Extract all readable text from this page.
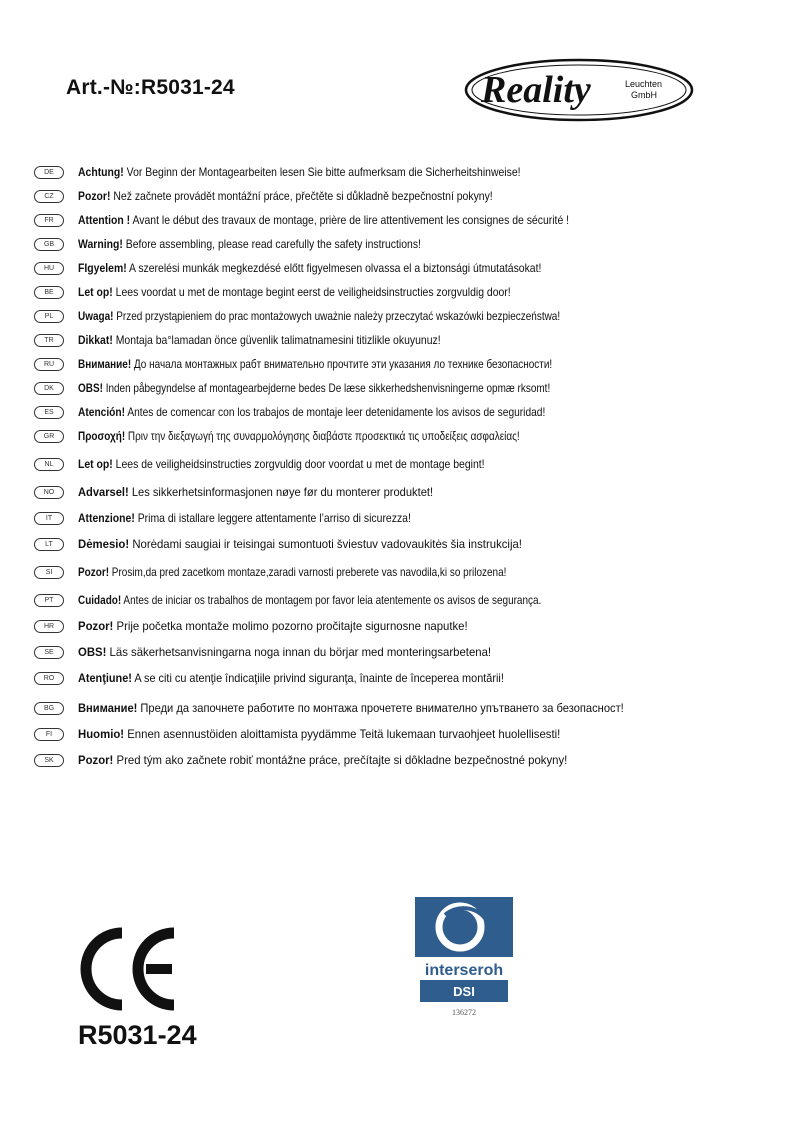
Art.-№:R5031-24	Reality	Leuchten
GmbH
DE	Achtung! Vor Beginn der Montagearbeiten lesen Sie bitte aufmerksam die Sicherheitshinweise!
CZ	Pozor! Než začnete provádět montážní práce, přečtěte si důkladně bezpečnostní pokyny!
FR	Attention ! Avant le début des travaux de montage, prière de lire attentivement les consignes de sécurité !
GB	Warning! Before assembling, please read carefully the safety instructions!
HU	FIgyelem! A szerelési munkák megkezdésé előtt figyelmesen olvassa el a biztonsági útmutatásokat!
BE	Let op! Lees voordat u met de montage begint eerst de veiligheidsinstructies zorgvuldig door!
PL	Uwaga! Przed przystąpieniem do prac montażowych uważnie należy przeczytać wskazówki bezpieczeństwa!
TR	Dikkat! Montaja ba°lamadan önce güvenlik talimatnamesini titizlikle okuyunuz!
RU	Внимание! До начала монтажных рабт внимательно прочтите эти указания ло технике безопасности!
DK	OBS! Inden påbegyndelse af montagearbejderne bedes De læse sikkerhedshenvisningerne opmæ rksomt!
ES	Atención! Antes de comencar con los trabajos de montaje leer detenidamente los avisos de seguridad!
GR	Προσοχή! Πριν την διεξαγωγή της συναρμολόγησης διαβάστε προσεκτικά τις υποδείξεις ασφαλείας!
NL	Let op! Lees de veiligheidsinstructies zorgvuldig door voordat u met de montage begint!
NO	Advarsel! Les sikkerhetsinformasjonen nøye før du monterer produktet!
IT	Attenzione! Prima di istallare leggere attentamente l’arriso di sicurezza!
LT	Dėmesio! Norėdami saugiai ir teisingai sumontuoti šviestuv vadovaukitės šia instrukcija!
SI	Pozor! Prosim,da pred zacetkom montaze,zaradi varnosti preberete vas navodila,ki so prilozena!
PT	Cuidado! Antes de iniciar os trabalhos de montagem por favor leia atentemente os avisos de segurança.
HR	Pozor! Prije početka montaže molimo pozorno pročitajte sigurnosne naputke!
SE	OBS! Läs säkerhetsanvisningarna noga innan du börjar med monteringsarbetena!
RO	Atenţiune! A se citi cu atenţie îndicaţiile privind siguranţa, înainte de începerea montării!
BG	Внимание! Преди да започнете работите по монтажа прочетете внимателно упътването за безопасност!
FI	Huomio! Ennen asennustöiden aloittamista pyydämme Teitä lukemaan turvaohjeet huolellisesti!
SK	Pozor! Pred tým ako začnete robiť montážne práce, prečítajte si dôkladne bezpečnostné pokyny!
R5031-24
interseroh
DSI
136272
